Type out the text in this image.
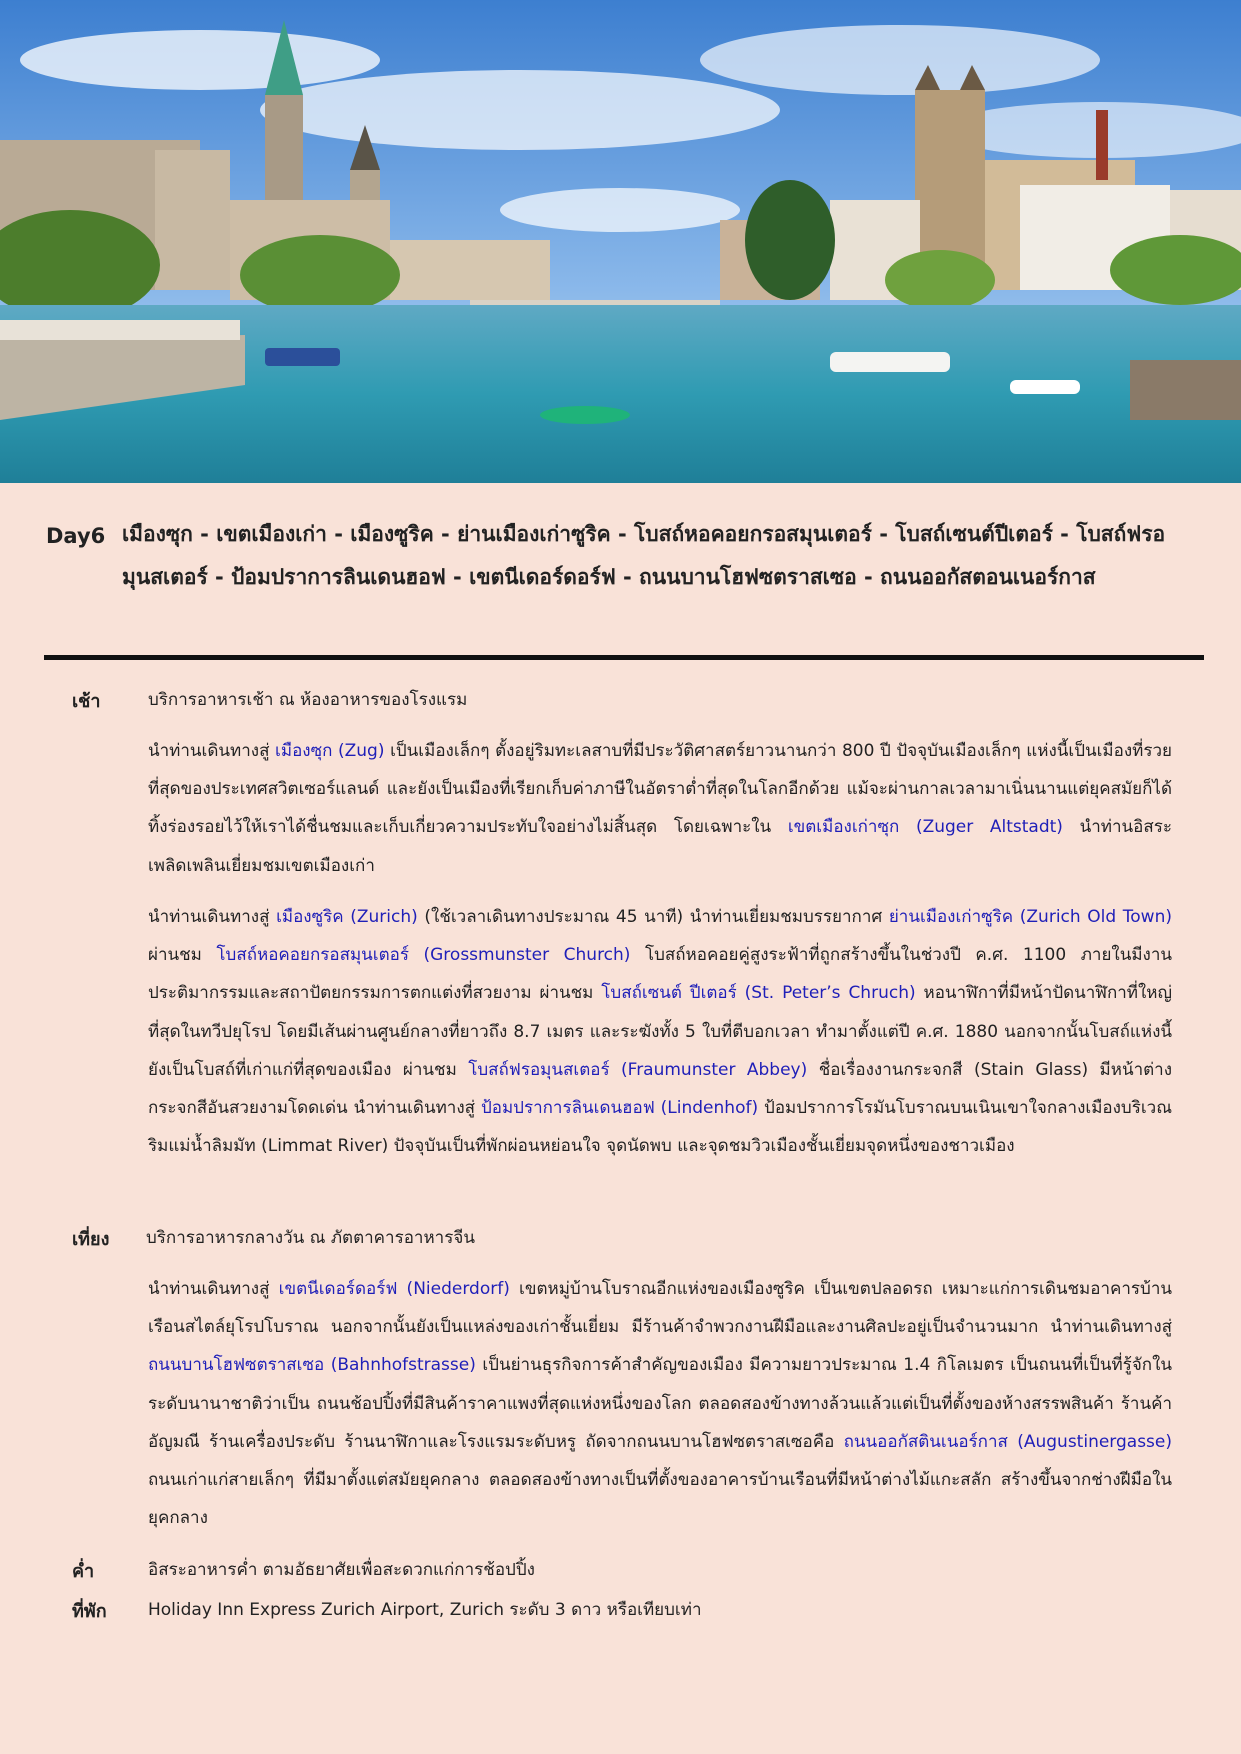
Day6 เมืองซุก - เขตเมืองเก่า - เมืองซูริค - ย่านเมืองเก่าซูริค - โบสถ์หอคอยกรอสมุนเตอร์ - โบสถ์เซนต์ปีเตอร์ - โบสถ์ฟรอมุนสเตอร์ - ป้อมปราการลินเดนฮอฟ - เขตนีเดอร์ดอร์ฟ - ถนนบานโฮฟซตราสเซอ - ถนนออกัสตอนเนอร์กาส
เช้า	บริการอาหารเช้า ณ ห้องอาหารของโรงแรม
นำท่านเดินทางสู่ เมืองซุก (Zug) เป็นเมืองเล็กๆ ตั้งอยู่ริมทะเลสาบที่มีประวัติศาสตร์ยาวนานกว่า 800 ปี ปัจจุบันเมืองเล็กๆ แห่งนี้เป็นเมืองที่รวยที่สุดของประเทศสวิตเซอร์แลนด์ และยังเป็นเมืองที่เรียกเก็บค่าภาษีในอัตราต่ำที่สุดในโลกอีกด้วย แม้จะผ่านกาลเวลามาเนิ่นนานแต่ยุคสมัยก็ได้ทิ้งร่องรอยไว้ให้เราได้ชื่นชมและเก็บเกี่ยวความประทับใจอย่างไม่สิ้นสุด โดยเฉพาะใน เขตเมืองเก่าซุก (Zuger Altstadt) นำท่านอิสระเพลิดเพลินเยี่ยมชมเขตเมืองเก่า
นำท่านเดินทางสู่ เมืองซูริค (Zurich) (ใช้เวลาเดินทางประมาณ 45 นาที) นำท่านเยี่ยมชมบรรยากาศ ย่านเมืองเก่าซูริค (Zurich Old Town) ผ่านชม โบสถ์หอคอยกรอสมุนเตอร์ (Grossmunster Church) โบสถ์หอคอยคู่สูงระฟ้าที่ถูกสร้างขึ้นในช่วงปี ค.ศ. 1100 ภายในมีงานประติมากรรมและสถาปัตยกรรมการตกแต่งที่สวยงาม ผ่านชม โบสถ์เซนต์ ปีเตอร์ (St. Peter’s Chruch) หอนาฬิกาที่มีหน้าปัดนาฬิกาที่ใหญ่ที่สุดในทวีปยุโรป โดยมีเส้นผ่านศูนย์กลางที่ยาวถึง 8.7 เมตร และระฆังทั้ง 5 ใบที่ตีบอกเวลา ทำมาตั้งแต่ปี ค.ศ. 1880 นอกจากนั้นโบสถ์แห่งนี้ยังเป็นโบสถ์ที่เก่าแก่ที่สุดของเมือง ผ่านชม โบสถ์ฟรอมุนสเตอร์ (Fraumunster Abbey) ชื่อเรื่องงานกระจกสี (Stain Glass) มีหน้าต่างกระจกสีอันสวยงามโดดเด่น นำท่านเดินทางสู่ ป้อมปราการลินเดนฮอฟ (Lindenhof) ป้อมปราการโรมันโบราณบนเนินเขาใจกลางเมืองบริเวณริมแม่น้ำลิมมัท (Limmat River) ปัจจุบันเป็นที่พักผ่อนหย่อนใจ จุดนัดพบ และจุดชมวิวเมืองชั้นเยี่ยมจุดหนึ่งของชาวเมือง
เที่ยง บริการอาหารกลางวัน ณ ภัตตาคารอาหารจีน
นำท่านเดินทางสู่ เขตนีเดอร์ดอร์ฟ (Niederdorf) เขตหมู่บ้านโบราณอีกแห่งของเมืองซูริค เป็นเขตปลอดรถ เหมาะแก่การเดินชมอาคารบ้านเรือนสไตล์ยุโรปโบราณ นอกจากนั้นยังเป็นแหล่งของเก่าชั้นเยี่ยม มีร้านค้าจำพวกงานฝีมือและงานศิลปะอยู่เป็นจำนวนมาก นำท่านเดินทางสู่ ถนนบานโฮฟซตราสเซอ (Bahnhofstrasse) เป็นย่านธุรกิจการค้าสำคัญของเมือง มีความยาวประมาณ 1.4 กิโลเมตร เป็นถนนที่เป็นที่รู้จักในระดับนานาชาติว่าเป็น ถนนช้อปปิ้งที่มีสินค้าราคาแพงที่สุดแห่งหนึ่งของโลก ตลอดสองข้างทางล้วนแล้วแต่เป็นที่ตั้งของห้างสรรพสินค้า ร้านค้าอัญมณี ร้านเครื่องประดับ ร้านนาฬิกาและโรงแรมระดับหรู ถัดจากถนนบานโฮฟซตราสเซอคือ ถนนออกัสตินเนอร์กาส (Augustinergasse) ถนนเก่าแก่สายเล็กๆ ที่มีมาตั้งแต่สมัยยุคกลาง ตลอดสองข้างทางเป็นที่ตั้งของอาคารบ้านเรือนที่มีหน้าต่างไม้แกะสลัก สร้างขึ้นจากช่างฝีมือในยุคกลาง
ค่ำ	อิสระอาหารค่ำ ตามอัธยาศัยเพื่อสะดวกแก่การช้อปปิ้ง
ที่พัก Holiday Inn Express Zurich Airport, Zurich ระดับ 3 ดาว หรือเทียบเท่า
